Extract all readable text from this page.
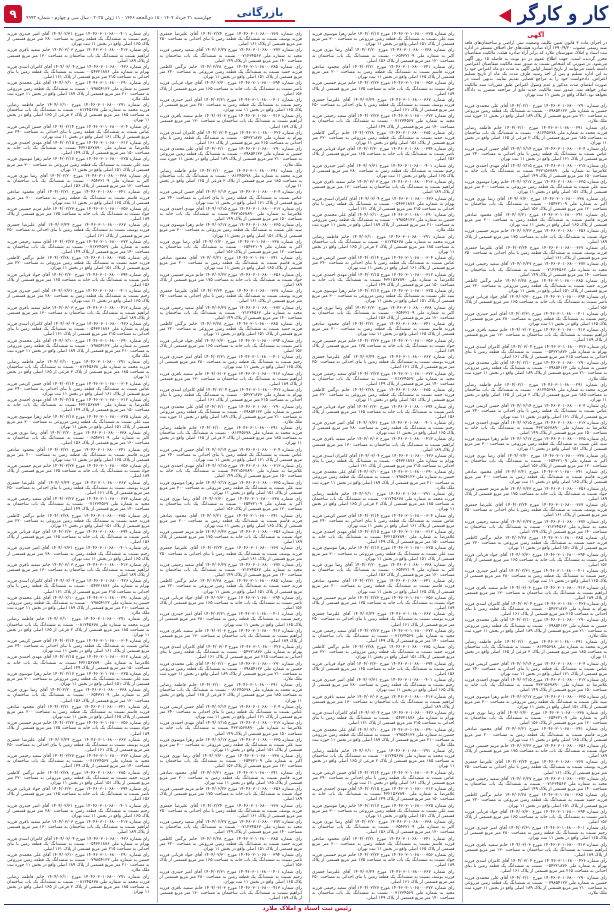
کار و کارگر
بازرگانی
۹	چهارشنبه ۲۱ خرداد ۱۴۰۴ - ۱۵ ذی‌الحجه ۱۴۴۶ - ۱۱ ژوئن ۲۰۲۵ - سال سی و چهارم - شماره ۹۹۹۳
آگهی
در اجرای ماده ۳ قانون تعیین تکلیف وضعیت ثبتی اراضی و ساختمان‌های فاقد سند رسمی مصوب ۱۳۹۰/۹/۲۰ آراء صادره هیئت‌های حل اختلاف مستقر در اداره ثبت اسناد و املاک شهرستان ملارد که برابر آراء صادره هیئت، مالکیت متقاضیان محرز گردیده است، جهت اطلاع عموم در دو نوبت به فاصله ۱۵ روز آگهی می‌شود. در صورتی که اشخاص نسبت به صدور سند مالکیت متقاضیان اعتراضی داشته باشند می‌توانند از تاریخ انتشار اولین آگهی به مدت دو ماه اعتراض خود را به این اداره تسلیم و پس از اخذ رسید ظرف مدت یک ماه از تاریخ تسلیم اعتراض، دادخواست خود را به مراجع قضایی تقدیم نمایند. بدیهی است در صورت انقضای مدت مذکور و عدم وصول اعتراض طبق مقررات سند مالکیت صادر خواهد شد. صدور سند مالکیت جدید مانع از مراجعه متضرر به دادگاه نخواهد بود. املاک واقع در بخش ۱۱ ثبت تهران

رای شماره ۱۴۰۴۶۰۳۰۱۰۶۸۰۰۰۲۹۰ مورخ ۱۴۰۴/۰۲/۱۰ آقای علی محمدی فرزند حسین به شماره ملی ۰۰۷۹۸۵۴۱۲۳ نسبت به ششدانگ یک قطعه زمین مزروعی به مساحت ۲۱۰ متر مربع قسمتی از پلاک ۱۸۹ اصلی واقع در بخش ۱۱ حوزه ثبت ملک ملارد.

رای شماره ۱۴۰۴۶۰۳۰۱۰۶۸۰۰۰۲۹۱ مورخ ۱۴۰۴/۰۲/۱۰ خانم فاطمه رضایی فرزند محمد به شماره ملی ۰۰۸۱۲۴۵۶۷۸ نسبت به ششدانگ یک باب ساختمان به مساحت ۱۸۵ متر مربع قسمتی از پلاک ۲ فرعی از ۱۶۵ اصلی واقع در بخش ۱۱ تهران.

رای شماره ۱۴۰۴۶۰۳۰۱۰۶۸۰۰۰۳۰۴ مورخ ۱۴۰۴/۰۲/۱۴ آقای حسن کریمی فرزند عباس نسبت به ششدانگ یک قطعه زمین با بنای احداثی به مساحت ۲۴۰ متر مربع قسمتی از پلاک ۱۶۱ اصلی واقع در بخش ۱۱ ثبت تهران.

رای شماره ۱۴۰۴۶۰۳۰۱۰۶۸۰۰۰۳۱۲ مورخ ۱۴۰۴/۰۲/۱۵ آقای مهدی احمدی فرزند غلامرضا به شماره ملی ۴۳۲۱۵۶۷۸۹۰ نسبت به ششدانگ یک باب خانه به مساحت ۱۵۰ متر مربع قسمتی از پلاک ۱۴۹ اصلی.

رای شماره ۱۴۰۴۶۰۳۰۱۰۶۸۰۰۰۳۲۵ مورخ ۱۴۰۴/۰۲/۱۷ خانم زهرا موسوی فرزند سید علی نسبت به ششدانگ یک قطعه زمین مزروعی به مساحت ۳۰۰ متر مربع قسمتی از پلاک ۱۵۱ اصلی واقع در بخش ۱۱ تهران.

رای شماره ۱۴۰۴۶۰۳۰۱۰۶۸۰۰۰۳۳۸ مورخ ۱۴۰۴/۰۲/۲۰ آقای رضا نوری فرزند اکبر به شماره ملی ۰۰۶۵۴۳۲۱۰۹ نسبت به ششدانگ یک باب ساختمان به مساحت ۱۲۰ متر مربع قسمتی از پلاک ۱۵۶ اصلی.

رای شماره ۱۴۰۴۶۰۳۰۱۰۶۸۰۰۰۳۴۱ مورخ ۱۴۰۴/۰۲/۲۱ آقای محمود صادقی فرزند قاسم نسبت به ششدانگ یک قطعه زمین به مساحت ۲۰۰ متر مربع قسمتی از پلاک ۱۶۵ اصلی واقع در بخش ۱۱ ثبت تهران.

رای شماره ۱۴۰۴۶۰۳۰۱۰۶۸۰۰۰۳۵۶ مورخ ۱۴۰۴/۰۲/۲۳ خانم مریم حسینی فرزند جواد نسبت به ششدانگ یک باب خانه به مساحت ۱۷۵ متر مربع قسمتی از پلاک ۱۸۹ اصلی.

رای شماره ۱۴۰۴۶۰۳۰۱۰۶۸۰۰۰۳۶۷ مورخ ۱۴۰۴/۰۲/۲۴ آقای علیرضا جعفری فرزند یوسف نسبت به ششدانگ یک قطعه زمین با بنای احداثی به مساحت ۲۵۰ متر مربع قسمتی از پلاک ۱۶۱ اصلی.

رای شماره ۱۴۰۴۶۰۳۰۱۰۶۸۰۰۰۳۷۲ مورخ ۱۴۰۴/۰۲/۲۷ آقای سعید رحیمی فرزند مجید به شماره ملی ۰۰۷۱۲۳۴۵۶۷ نسبت به ششدانگ یک باب ساختمان به مساحت ۱۴۰ متر مربع قسمتی از پلاک ۱۴۹ اصلی.

رای شماره ۱۴۰۴۶۰۳۰۱۰۶۸۰۰۰۳۸۵ مورخ ۱۴۰۴/۰۲/۲۸ خانم نرگس کاظمی فرزند حمید نسبت به ششدانگ یک قطعه زمین مزروعی به مساحت ۲۲۰ متر مربع قسمتی از پلاک ۱۵۱ اصلی واقع در بخش ۱۱ تهران.

رای شماره ۱۴۰۴۶۰۳۰۱۰۶۸۰۰۰۳۹۴ مورخ ۱۴۰۴/۰۲/۳۰ آقای جواد قربانی فرزند ناصر نسبت به ششدانگ یک باب خانه به مساحت ۱۶۵ متر مربع قسمتی از پلاک ۱۵۶ اصلی.

رای شماره ۱۴۰۴۶۰۳۰۱۰۶۸۰۰۰۴۰۱ مورخ ۱۴۰۴/۰۲/۳۱ آقای امیر حیدری فرزند رحیم نسبت به ششدانگ یک قطعه زمین به مساحت ۲۸۰ متر مربع قسمتی از پلاک ۱۶۵ اصلی واقع در بخش ۱۱ ثبت تهران.

رای شماره ۱۴۰۴۶۰۳۰۱۰۶۸۰۰۰۴۱۳ مورخ ۱۴۰۴/۰۳/۰۳ خانم سمیه باقری فرزند ابراهیم نسبت به ششدانگ یک باب ساختمان به مساحت ۱۳۰ متر مربع قسمتی از پلاک ۱۸۹ اصلی.

رای شماره ۱۴۰۴۶۰۳۰۱۰۶۸۰۰۰۴۲۶ مورخ ۱۴۰۴/۰۳/۰۴ آقای کامران اسدی فرزند بهرام به شماره ملی ۰۰۵۴۳۲۱۸۷۶ نسبت به ششدانگ یک قطعه زمین با بنای احداثی به مساحت ۲۱۵ متر مربع قسمتی از پلاک ۱۶۱ اصلی.

رای شماره ۱۴۰۴۶۰۳۰۱۰۶۸۰۰۰۲۹۰ مورخ ۱۴۰۴/۰۲/۱۰ آقای علی محمدی فرزند حسین به شماره ملی ۰۰۷۹۸۵۴۱۲۳ نسبت به ششدانگ یک قطعه زمین مزروعی به مساحت ۲۱۰ متر مربع قسمتی از پلاک ۱۸۹ اصلی واقع در بخش ۱۱ حوزه ثبت ملک ملارد.

رای شماره ۱۴۰۴۶۰۳۰۱۰۶۸۰۰۰۲۹۱ مورخ ۱۴۰۴/۰۲/۱۰ خانم فاطمه رضایی فرزند محمد به شماره ملی ۰۰۸۱۲۴۵۶۷۸ نسبت به ششدانگ یک باب ساختمان به مساحت ۱۸۵ متر مربع قسمتی از پلاک ۲ فرعی از ۱۶۵ اصلی واقع در بخش ۱۱ تهران.

رای شماره ۱۴۰۴۶۰۳۰۱۰۶۸۰۰۰۳۰۴ مورخ ۱۴۰۴/۰۲/۱۴ آقای حسن کریمی فرزند عباس نسبت به ششدانگ یک قطعه زمین با بنای احداثی به مساحت ۲۴۰ متر مربع قسمتی از پلاک ۱۶۱ اصلی واقع در بخش ۱۱ ثبت تهران.

رای شماره ۱۴۰۴۶۰۳۰۱۰۶۸۰۰۰۳۱۲ مورخ ۱۴۰۴/۰۲/۱۵ آقای مهدی احمدی فرزند غلامرضا به شماره ملی ۴۳۲۱۵۶۷۸۹۰ نسبت به ششدانگ یک باب خانه به مساحت ۱۵۰ متر مربع قسمتی از پلاک ۱۴۹ اصلی.

رای شماره ۱۴۰۴۶۰۳۰۱۰۶۸۰۰۰۳۲۵ مورخ ۱۴۰۴/۰۲/۱۷ خانم زهرا موسوی فرزند سید علی نسبت به ششدانگ یک قطعه زمین مزروعی به مساحت ۳۰۰ متر مربع قسمتی از پلاک ۱۵۱ اصلی واقع در بخش ۱۱ تهران.

رای شماره ۱۴۰۴۶۰۳۰۱۰۶۸۰۰۰۳۳۸ مورخ ۱۴۰۴/۰۲/۲۰ آقای رضا نوری فرزند اکبر به شماره ملی ۰۰۶۵۴۳۲۱۰۹ نسبت به ششدانگ یک باب ساختمان به مساحت ۱۲۰ متر مربع قسمتی از پلاک ۱۵۶ اصلی.

رای شماره ۱۴۰۴۶۰۳۰۱۰۶۸۰۰۰۳۴۱ مورخ ۱۴۰۴/۰۲/۲۱ آقای محمود صادقی فرزند قاسم نسبت به ششدانگ یک قطعه زمین به مساحت ۲۰۰ متر مربع قسمتی از پلاک ۱۶۵ اصلی واقع در بخش ۱۱ ثبت تهران.

رای شماره ۱۴۰۴۶۰۳۰۱۰۶۸۰۰۰۳۵۶ مورخ ۱۴۰۴/۰۲/۲۳ خانم مریم حسینی فرزند جواد نسبت به ششدانگ یک باب خانه به مساحت ۱۷۵ متر مربع قسمتی از پلاک ۱۸۹ اصلی.

رای شماره ۱۴۰۴۶۰۳۰۱۰۶۸۰۰۰۳۶۷ مورخ ۱۴۰۴/۰۲/۲۴ آقای علیرضا جعفری فرزند یوسف نسبت به ششدانگ یک قطعه زمین با بنای احداثی به مساحت ۲۵۰ متر مربع قسمتی از پلاک ۱۶۱ اصلی.

رای شماره ۱۴۰۴۶۰۳۰۱۰۶۸۰۰۰۳۷۲ مورخ ۱۴۰۴/۰۲/۲۷ آقای سعید رحیمی فرزند مجید به شماره ملی ۰۰۷۱۲۳۴۵۶۷ نسبت به ششدانگ یک باب ساختمان به مساحت ۱۴۰ متر مربع قسمتی از پلاک ۱۴۹ اصلی.

رای شماره ۱۴۰۴۶۰۳۰۱۰۶۸۰۰۰۳۸۵ مورخ ۱۴۰۴/۰۲/۲۸ خانم نرگس کاظمی فرزند حمید نسبت به ششدانگ یک قطعه زمین مزروعی به مساحت ۲۲۰ متر مربع قسمتی از پلاک ۱۵۱ اصلی واقع در بخش ۱۱ تهران.

رای شماره ۱۴۰۴۶۰۳۰۱۰۶۸۰۰۰۳۹۴ مورخ ۱۴۰۴/۰۲/۳۰ آقای جواد قربانی فرزند ناصر نسبت به ششدانگ یک باب خانه به مساحت ۱۶۵ متر مربع قسمتی از پلاک ۱۵۶ اصلی.

رای شماره ۱۴۰۴۶۰۳۰۱۰۶۸۰۰۰۴۰۱ مورخ ۱۴۰۴/۰۲/۳۱ آقای امیر حیدری فرزند رحیم نسبت به ششدانگ یک قطعه زمین به مساحت ۲۸۰ متر مربع قسمتی از پلاک ۱۶۵ اصلی واقع در بخش ۱۱ ثبت تهران.

رای شماره ۱۴۰۴۶۰۳۰۱۰۶۸۰۰۰۴۱۳ مورخ ۱۴۰۴/۰۳/۰۳ خانم سمیه باقری فرزند ابراهیم نسبت به ششدانگ یک باب ساختمان به مساحت ۱۳۰ متر مربع قسمتی از پلاک ۱۸۹ اصلی.

رای شماره ۱۴۰۴۶۰۳۰۱۰۶۸۰۰۰۴۲۶ مورخ ۱۴۰۴/۰۳/۰۴ آقای کامران اسدی فرزند بهرام به شماره ملی ۰۰۵۴۳۲۱۸۷۶ نسبت به ششدانگ یک قطعه زمین با بنای احداثی به مساحت ۲۱۵ متر مربع قسمتی از پلاک ۱۶۱ اصلی.

رای شماره ۱۴۰۴۶۰۳۰۱۰۶۸۰۰۰۲۹۰ مورخ ۱۴۰۴/۰۲/۱۰ آقای علی محمدی فرزند حسین به شماره ملی ۰۰۷۹۸۵۴۱۲۳ نسبت به ششدانگ یک قطعه زمین مزروعی به مساحت ۲۱۰ متر مربع قسمتی از پلاک ۱۸۹ اصلی واقع در بخش ۱۱ حوزه ثبت ملک ملارد.

رای شماره ۱۴۰۴۶۰۳۰۱۰۶۸۰۰۰۲۹۱ مورخ ۱۴۰۴/۰۲/۱۰ خانم فاطمه رضایی فرزند محمد به شماره ملی ۰۰۸۱۲۴۵۶۷۸ نسبت به ششدانگ یک باب ساختمان به مساحت ۱۸۵ متر مربع قسمتی از پلاک ۲ فرعی از ۱۶۵ اصلی واقع در بخش ۱۱ تهران.

رای شماره ۱۴۰۴۶۰۳۰۱۰۶۸۰۰۰۳۰۴ مورخ ۱۴۰۴/۰۲/۱۴ آقای حسن کریمی فرزند عباس نسبت به ششدانگ یک قطعه زمین با بنای احداثی به مساحت ۲۴۰ متر مربع قسمتی از پلاک ۱۶۱ اصلی واقع در بخش ۱۱ ثبت تهران.

رای شماره ۱۴۰۴۶۰۳۰۱۰۶۸۰۰۰۳۱۲ مورخ ۱۴۰۴/۰۲/۱۵ آقای مهدی احمدی فرزند غلامرضا به شماره ملی ۴۳۲۱۵۶۷۸۹۰ نسبت به ششدانگ یک باب خانه به مساحت ۱۵۰ متر مربع قسمتی از پلاک ۱۴۹ اصلی.

رای شماره ۱۴۰۴۶۰۳۰۱۰۶۸۰۰۰۳۲۵ مورخ ۱۴۰۴/۰۲/۱۷ خانم زهرا موسوی فرزند سید علی نسبت به ششدانگ یک قطعه زمین مزروعی به مساحت ۳۰۰ متر مربع قسمتی از پلاک ۱۵۱ اصلی واقع در بخش ۱۱ تهران.

رای شماره ۱۴۰۴۶۰۳۰۱۰۶۸۰۰۰۳۳۸ مورخ ۱۴۰۴/۰۲/۲۰ آقای رضا نوری فرزند اکبر به شماره ملی ۰۰۶۵۴۳۲۱۰۹ نسبت به ششدانگ یک باب ساختمان به مساحت ۱۲۰ متر مربع قسمتی از پلاک ۱۵۶ اصلی.

رای شماره ۱۴۰۴۶۰۳۰۱۰۶۸۰۰۰۳۴۱ مورخ ۱۴۰۴/۰۲/۲۱ آقای محمود صادقی فرزند قاسم نسبت به ششدانگ یک قطعه زمین به مساحت ۲۰۰ متر مربع قسمتی از پلاک ۱۶۵ اصلی واقع در بخش ۱۱ ثبت تهران.

رای شماره ۱۴۰۴۶۰۳۰۱۰۶۸۰۰۰۳۵۶ مورخ ۱۴۰۴/۰۲/۲۳ خانم مریم حسینی فرزند جواد نسبت به ششدانگ یک باب خانه به مساحت ۱۷۵ متر مربع قسمتی از پلاک ۱۸۹ اصلی.

رای شماره ۱۴۰۴۶۰۳۰۱۰۶۸۰۰۰۳۶۷ مورخ ۱۴۰۴/۰۲/۲۴ آقای علیرضا جعفری فرزند یوسف نسبت به ششدانگ یک قطعه زمین با بنای احداثی به مساحت ۲۵۰ متر مربع قسمتی از پلاک ۱۶۱ اصلی.

رای شماره ۱۴۰۴۶۰۳۰۱۰۶۸۰۰۰۳۷۲ مورخ ۱۴۰۴/۰۲/۲۷ آقای سعید رحیمی فرزند مجید به شماره ملی ۰۰۷۱۲۳۴۵۶۷ نسبت به ششدانگ یک باب ساختمان به مساحت ۱۴۰ متر مربع قسمتی از پلاک ۱۴۹ اصلی.

رای شماره ۱۴۰۴۶۰۳۰۱۰۶۸۰۰۰۳۸۵ مورخ ۱۴۰۴/۰۲/۲۸ خانم نرگس کاظمی فرزند حمید نسبت به ششدانگ یک قطعه زمین مزروعی به مساحت ۲۲۰ متر مربع قسمتی از پلاک ۱۵۱ اصلی واقع در بخش ۱۱ تهران.

رای شماره ۱۴۰۴۶۰۳۰۱۰۶۸۰۰۰۳۹۴ مورخ ۱۴۰۴/۰۲/۳۰ آقای جواد قربانی فرزند ناصر نسبت به ششدانگ یک باب خانه به مساحت ۱۶۵ متر مربع قسمتی از پلاک ۱۵۶ اصلی.

رای شماره ۱۴۰۴۶۰۳۰۱۰۶۸۰۰۰۴۰۱ مورخ ۱۴۰۴/۰۲/۳۱ آقای امیر حیدری فرزند رحیم نسبت به ششدانگ یک قطعه زمین به مساحت ۲۸۰ متر مربع قسمتی از پلاک ۱۶۵ اصلی واقع در بخش ۱۱ ثبت تهران.

رای شماره ۱۴۰۴۶۰۳۰۱۰۶۸۰۰۰۴۱۳ مورخ ۱۴۰۴/۰۳/۰۳ خانم سمیه باقری فرزند ابراهیم نسبت به ششدانگ یک باب ساختمان به مساحت ۱۳۰ متر مربع قسمتی از پلاک ۱۸۹ اصلی.

رای شماره ۱۴۰۴۶۰۳۰۱۰۶۸۰۰۰۴۲۶ مورخ ۱۴۰۴/۰۳/۰۴ آقای کامران اسدی فرزند بهرام به شماره ملی ۰۰۵۴۳۲۱۸۷۶ نسبت به ششدانگ یک قطعه زمین با بنای احداثی به مساحت ۲۱۵ متر مربع قسمتی از پلاک ۱۶۱ اصلی.

رای شماره ۱۴۰۴۶۰۳۰۱۰۶۸۰۰۰۲۹۰ مورخ ۱۴۰۴/۰۲/۱۰ آقای علی محمدی فرزند حسین به شماره ملی ۰۰۷۹۸۵۴۱۲۳ نسبت به ششدانگ یک قطعه زمین مزروعی به مساحت ۲۱۰ متر مربع قسمتی از پلاک ۱۸۹ اصلی واقع در بخش ۱۱ حوزه ثبت ملک ملارد.

رای شماره ۱۴۰۴۶۰۳۰۱۰۶۸۰۰۰۳۲۵ مورخ ۱۴۰۴/۰۲/۱۷ خانم زهرا موسوی فرزند سید علی نسبت به ششدانگ یک قطعه زمین مزروعی به مساحت ۳۰۰ متر مربع قسمتی از پلاک ۱۵۱ اصلی واقع در بخش ۱۱ تهران.

رای شماره ۱۴۰۴۶۰۳۰۱۰۶۸۰۰۰۳۳۸ مورخ ۱۴۰۴/۰۲/۲۰ آقای رضا نوری فرزند اکبر به شماره ملی ۰۰۶۵۴۳۲۱۰۹ نسبت به ششدانگ یک باب ساختمان به مساحت ۱۲۰ متر مربع قسمتی از پلاک ۱۵۶ اصلی.

رای شماره ۱۴۰۴۶۰۳۰۱۰۶۸۰۰۰۳۴۱ مورخ ۱۴۰۴/۰۲/۲۱ آقای محمود صادقی فرزند قاسم نسبت به ششدانگ یک قطعه زمین به مساحت ۲۰۰ متر مربع قسمتی از پلاک ۱۶۵ اصلی واقع در بخش ۱۱ ثبت تهران.

رای شماره ۱۴۰۴۶۰۳۰۱۰۶۸۰۰۰۳۵۶ مورخ ۱۴۰۴/۰۲/۲۳ خانم مریم حسینی فرزند جواد نسبت به ششدانگ یک باب خانه به مساحت ۱۷۵ متر مربع قسمتی از پلاک ۱۸۹ اصلی.

رای شماره ۱۴۰۴۶۰۳۰۱۰۶۸۰۰۰۳۶۷ مورخ ۱۴۰۴/۰۲/۲۴ آقای علیرضا جعفری فرزند یوسف نسبت به ششدانگ یک قطعه زمین با بنای احداثی به مساحت ۲۵۰ متر مربع قسمتی از پلاک ۱۶۱ اصلی.

رای شماره ۱۴۰۴۶۰۳۰۱۰۶۸۰۰۰۳۷۲ مورخ ۱۴۰۴/۰۲/۲۷ آقای سعید رحیمی فرزند مجید به شماره ملی ۰۰۷۱۲۳۴۵۶۷ نسبت به ششدانگ یک باب ساختمان به مساحت ۱۴۰ متر مربع قسمتی از پلاک ۱۴۹ اصلی.

رای شماره ۱۴۰۴۶۰۳۰۱۰۶۸۰۰۰۳۸۵ مورخ ۱۴۰۴/۰۲/۲۸ خانم نرگس کاظمی فرزند حمید نسبت به ششدانگ یک قطعه زمین مزروعی به مساحت ۲۲۰ متر مربع قسمتی از پلاک ۱۵۱ اصلی واقع در بخش ۱۱ تهران.

رای شماره ۱۴۰۴۶۰۳۰۱۰۶۸۰۰۰۳۹۴ مورخ ۱۴۰۴/۰۲/۳۰ آقای جواد قربانی فرزند ناصر نسبت به ششدانگ یک باب خانه به مساحت ۱۶۵ متر مربع قسمتی از پلاک ۱۵۶ اصلی.

رای شماره ۱۴۰۴۶۰۳۰۱۰۶۸۰۰۰۴۰۱ مورخ ۱۴۰۴/۰۲/۳۱ آقای امیر حیدری فرزند رحیم نسبت به ششدانگ یک قطعه زمین به مساحت ۲۸۰ متر مربع قسمتی از پلاک ۱۶۵ اصلی واقع در بخش ۱۱ ثبت تهران.

رای شماره ۱۴۰۴۶۰۳۰۱۰۶۸۰۰۰۴۱۳ مورخ ۱۴۰۴/۰۳/۰۳ خانم سمیه باقری فرزند ابراهیم نسبت به ششدانگ یک باب ساختمان به مساحت ۱۳۰ متر مربع قسمتی از پلاک ۱۸۹ اصلی.

رای شماره ۱۴۰۴۶۰۳۰۱۰۶۸۰۰۰۴۲۶ مورخ ۱۴۰۴/۰۳/۰۴ آقای کامران اسدی فرزند بهرام به شماره ملی ۰۰۵۴۳۲۱۸۷۶ نسبت به ششدانگ یک قطعه زمین با بنای احداثی به مساحت ۲۱۵ متر مربع قسمتی از پلاک ۱۶۱ اصلی.

رای شماره ۱۴۰۴۶۰۳۰۱۰۶۸۰۰۰۲۹۰ مورخ ۱۴۰۴/۰۲/۱۰ آقای علی محمدی فرزند حسین به شماره ملی ۰۰۷۹۸۵۴۱۲۳ نسبت به ششدانگ یک قطعه زمین مزروعی به مساحت ۲۱۰ متر مربع قسمتی از پلاک ۱۸۹ اصلی واقع در بخش ۱۱ حوزه ثبت ملک ملارد.

رای شماره ۱۴۰۴۶۰۳۰۱۰۶۸۰۰۰۲۹۱ مورخ ۱۴۰۴/۰۲/۱۰ خانم فاطمه رضایی فرزند محمد به شماره ملی ۰۰۸۱۲۴۵۶۷۸ نسبت به ششدانگ یک باب ساختمان به مساحت ۱۸۵ متر مربع قسمتی از پلاک ۲ فرعی از ۱۶۵ اصلی واقع در بخش ۱۱ تهران.

رای شماره ۱۴۰۴۶۰۳۰۱۰۶۸۰۰۰۳۰۴ مورخ ۱۴۰۴/۰۲/۱۴ آقای حسن کریمی فرزند عباس نسبت به ششدانگ یک قطعه زمین با بنای احداثی به مساحت ۲۴۰ متر مربع قسمتی از پلاک ۱۶۱ اصلی واقع در بخش ۱۱ ثبت تهران.

رای شماره ۱۴۰۴۶۰۳۰۱۰۶۸۰۰۰۳۱۲ مورخ ۱۴۰۴/۰۲/۱۵ آقای مهدی احمدی فرزند غلامرضا به شماره ملی ۴۳۲۱۵۶۷۸۹۰ نسبت به ششدانگ یک باب خانه به مساحت ۱۵۰ متر مربع قسمتی از پلاک ۱۴۹ اصلی.

رای شماره ۱۴۰۴۶۰۳۰۱۰۶۸۰۰۰۳۲۵ مورخ ۱۴۰۴/۰۲/۱۷ خانم زهرا موسوی فرزند سید علی نسبت به ششدانگ یک قطعه زمین مزروعی به مساحت ۳۰۰ متر مربع قسمتی از پلاک ۱۵۱ اصلی واقع در بخش ۱۱ تهران.

رای شماره ۱۴۰۴۶۰۳۰۱۰۶۸۰۰۰۳۳۸ مورخ ۱۴۰۴/۰۲/۲۰ آقای رضا نوری فرزند اکبر به شماره ملی ۰۰۶۵۴۳۲۱۰۹ نسبت به ششدانگ یک باب ساختمان به مساحت ۱۲۰ متر مربع قسمتی از پلاک ۱۵۶ اصلی.

رای شماره ۱۴۰۴۶۰۳۰۱۰۶۸۰۰۰۳۴۱ مورخ ۱۴۰۴/۰۲/۲۱ آقای محمود صادقی فرزند قاسم نسبت به ششدانگ یک قطعه زمین به مساحت ۲۰۰ متر مربع قسمتی از پلاک ۱۶۵ اصلی واقع در بخش ۱۱ ثبت تهران.

رای شماره ۱۴۰۴۶۰۳۰۱۰۶۸۰۰۰۳۵۶ مورخ ۱۴۰۴/۰۲/۲۳ خانم مریم حسینی فرزند جواد نسبت به ششدانگ یک باب خانه به مساحت ۱۷۵ متر مربع قسمتی از پلاک ۱۸۹ اصلی.

رای شماره ۱۴۰۴۶۰۳۰۱۰۶۸۰۰۰۳۶۷ مورخ ۱۴۰۴/۰۲/۲۴ آقای علیرضا جعفری فرزند یوسف نسبت به ششدانگ یک قطعه زمین با بنای احداثی به مساحت ۲۵۰ متر مربع قسمتی از پلاک ۱۶۱ اصلی.

رای شماره ۱۴۰۴۶۰۳۰۱۰۶۸۰۰۰۳۷۲ مورخ ۱۴۰۴/۰۲/۲۷ آقای سعید رحیمی فرزند مجید به شماره ملی ۰۰۷۱۲۳۴۵۶۷ نسبت به ششدانگ یک باب ساختمان به مساحت ۱۴۰ متر مربع قسمتی از پلاک ۱۴۹ اصلی.

رای شماره ۱۴۰۴۶۰۳۰۱۰۶۸۰۰۰۳۸۵ مورخ ۱۴۰۴/۰۲/۲۸ خانم نرگس کاظمی فرزند حمید نسبت به ششدانگ یک قطعه زمین مزروعی به مساحت ۲۲۰ متر مربع قسمتی از پلاک ۱۵۱ اصلی واقع در بخش ۱۱ تهران.

رای شماره ۱۴۰۴۶۰۳۰۱۰۶۸۰۰۰۳۹۴ مورخ ۱۴۰۴/۰۲/۳۰ آقای جواد قربانی فرزند ناصر نسبت به ششدانگ یک باب خانه به مساحت ۱۶۵ متر مربع قسمتی از پلاک ۱۵۶ اصلی.

رای شماره ۱۴۰۴۶۰۳۰۱۰۶۸۰۰۰۴۰۱ مورخ ۱۴۰۴/۰۲/۳۱ آقای امیر حیدری فرزند رحیم نسبت به ششدانگ یک قطعه زمین به مساحت ۲۸۰ متر مربع قسمتی از پلاک ۱۶۵ اصلی واقع در بخش ۱۱ ثبت تهران.

رای شماره ۱۴۰۴۶۰۳۰۱۰۶۸۰۰۰۴۱۳ مورخ ۱۴۰۴/۰۳/۰۳ خانم سمیه باقری فرزند ابراهیم نسبت به ششدانگ یک باب ساختمان به مساحت ۱۳۰ متر مربع قسمتی از پلاک ۱۸۹ اصلی.

رای شماره ۱۴۰۴۶۰۳۰۱۰۶۸۰۰۰۴۲۶ مورخ ۱۴۰۴/۰۳/۰۴ آقای کامران اسدی فرزند بهرام به شماره ملی ۰۰۵۴۳۲۱۸۷۶ نسبت به ششدانگ یک قطعه زمین با بنای احداثی به مساحت ۲۱۵ متر مربع قسمتی از پلاک ۱۶۱ اصلی.

رای شماره ۱۴۰۴۶۰۳۰۱۰۶۸۰۰۰۲۹۰ مورخ ۱۴۰۴/۰۲/۱۰ آقای علی محمدی فرزند حسین به شماره ملی ۰۰۷۹۸۵۴۱۲۳ نسبت به ششدانگ یک قطعه زمین مزروعی به مساحت ۲۱۰ متر مربع قسمتی از پلاک ۱۸۹ اصلی واقع در بخش ۱۱ حوزه ثبت ملک ملارد.

رای شماره ۱۴۰۴۶۰۳۰۱۰۶۸۰۰۰۲۹۱ مورخ ۱۴۰۴/۰۲/۱۰ خانم فاطمه رضایی فرزند محمد به شماره ملی ۰۰۸۱۲۴۵۶۷۸ نسبت به ششدانگ یک باب ساختمان به مساحت ۱۸۵ متر مربع قسمتی از پلاک ۲ فرعی از ۱۶۵ اصلی واقع در بخش ۱۱ تهران.

رای شماره ۱۴۰۴۶۰۳۰۱۰۶۸۰۰۰۳۰۴ مورخ ۱۴۰۴/۰۲/۱۴ آقای حسن کریمی فرزند عباس نسبت به ششدانگ یک قطعه زمین با بنای احداثی به مساحت ۲۴۰ متر مربع قسمتی از پلاک ۱۶۱ اصلی واقع در بخش ۱۱ ثبت تهران.

رای شماره ۱۴۰۴۶۰۳۰۱۰۶۸۰۰۰۳۱۲ مورخ ۱۴۰۴/۰۲/۱۵ آقای مهدی احمدی فرزند غلامرضا به شماره ملی ۴۳۲۱۵۶۷۸۹۰ نسبت به ششدانگ یک باب خانه به مساحت ۱۵۰ متر مربع قسمتی از پلاک ۱۴۹ اصلی.

رای شماره ۱۴۰۴۶۰۳۰۱۰۶۸۰۰۰۳۲۵ مورخ ۱۴۰۴/۰۲/۱۷ خانم زهرا موسوی فرزند سید علی نسبت به ششدانگ یک قطعه زمین مزروعی به مساحت ۳۰۰ متر مربع قسمتی از پلاک ۱۵۱ اصلی واقع در بخش ۱۱ تهران.

رای شماره ۱۴۰۴۶۰۳۰۱۰۶۸۰۰۰۳۳۸ مورخ ۱۴۰۴/۰۲/۲۰ آقای رضا نوری فرزند اکبر به شماره ملی ۰۰۶۵۴۳۲۱۰۹ نسبت به ششدانگ یک باب ساختمان به مساحت ۱۲۰ متر مربع قسمتی از پلاک ۱۵۶ اصلی.

رای شماره ۱۴۰۴۶۰۳۰۱۰۶۸۰۰۰۳۴۱ مورخ ۱۴۰۴/۰۲/۲۱ آقای محمود صادقی فرزند قاسم نسبت به ششدانگ یک قطعه زمین به مساحت ۲۰۰ متر مربع قسمتی از پلاک ۱۶۵ اصلی واقع در بخش ۱۱ ثبت تهران.

رای شماره ۱۴۰۴۶۰۳۰۱۰۶۸۰۰۰۳۵۶ مورخ ۱۴۰۴/۰۲/۲۳ خانم مریم حسینی فرزند جواد نسبت به ششدانگ یک باب خانه به مساحت ۱۷۵ متر مربع قسمتی از پلاک ۱۸۹ اصلی.

رای شماره ۱۴۰۴۶۰۳۰۱۰۶۸۰۰۰۳۶۷ مورخ ۱۴۰۴/۰۲/۲۴ آقای علیرضا جعفری فرزند یوسف نسبت به ششدانگ یک قطعه زمین با بنای احداثی به مساحت ۲۵۰ متر مربع قسمتی از پلاک ۱۶۱ اصلی.

رای شماره ۱۴۰۴۶۰۳۰۱۰۶۸۰۰۰۳۷۲ مورخ ۱۴۰۴/۰۲/۲۷ آقای سعید رحیمی فرزند مجید به شماره ملی ۰۰۷۱۲۳۴۵۶۷ نسبت به ششدانگ یک باب ساختمان به مساحت ۱۴۰ متر مربع قسمتی از پلاک ۱۴۹ اصلی.

رای شماره ۱۴۰۴۶۰۳۰۱۰۶۸۰۰۰۳۸۵ مورخ ۱۴۰۴/۰۲/۲۸ خانم نرگس کاظمی فرزند حمید نسبت به ششدانگ یک قطعه زمین مزروعی به مساحت ۲۲۰ متر مربع قسمتی از پلاک ۱۵۱ اصلی واقع در بخش ۱۱ تهران.

رای شماره ۱۴۰۴۶۰۳۰۱۰۶۸۰۰۰۳۹۴ مورخ ۱۴۰۴/۰۲/۳۰ آقای جواد قربانی فرزند ناصر نسبت به ششدانگ یک باب خانه به مساحت ۱۶۵ متر مربع قسمتی از پلاک ۱۵۶ اصلی.

رای شماره ۱۴۰۴۶۰۳۰۱۰۶۸۰۰۰۴۰۱ مورخ ۱۴۰۴/۰۲/۳۱ آقای امیر حیدری فرزند رحیم نسبت به ششدانگ یک قطعه زمین به مساحت ۲۸۰ متر مربع قسمتی از پلاک ۱۶۵ اصلی واقع در بخش ۱۱ ثبت تهران.

رای شماره ۱۴۰۴۶۰۳۰۱۰۶۸۰۰۰۴۱۳ مورخ ۱۴۰۴/۰۳/۰۳ خانم سمیه باقری فرزند ابراهیم نسبت به ششدانگ یک باب ساختمان به مساحت ۱۳۰ متر مربع قسمتی از پلاک ۱۸۹ اصلی.

رای شماره ۱۴۰۴۶۰۳۰۱۰۶۸۰۰۰۴۲۶ مورخ ۱۴۰۴/۰۳/۰۴ آقای کامران اسدی فرزند بهرام به شماره ملی ۰۰۵۴۳۲۱۸۷۶ نسبت به ششدانگ یک قطعه زمین با بنای احداثی به مساحت ۲۱۵ متر مربع قسمتی از پلاک ۱۶۱ اصلی.

رای شماره ۱۴۰۴۶۰۳۰۱۰۶۸۰۰۰۲۹۰ مورخ ۱۴۰۴/۰۲/۱۰ آقای علی محمدی فرزند حسین به شماره ملی ۰۰۷۹۸۵۴۱۲۳ نسبت به ششدانگ یک قطعه زمین مزروعی به مساحت ۲۱۰ متر مربع قسمتی از پلاک ۱۸۹ اصلی واقع در بخش ۱۱ حوزه ثبت ملک ملارد.

رای شماره ۱۴۰۴۶۰۳۰۱۰۶۸۰۰۰۲۹۱ مورخ ۱۴۰۴/۰۲/۱۰ خانم فاطمه رضایی فرزند محمد به شماره ملی ۰۰۸۱۲۴۵۶۷۸ نسبت به ششدانگ یک باب ساختمان به مساحت ۱۸۵ متر مربع قسمتی از پلاک ۲ فرعی از ۱۶۵ اصلی واقع در بخش ۱۱ تهران.

رای شماره ۱۴۰۴۶۰۳۰۱۰۶۸۰۰۰۳۰۴ مورخ ۱۴۰۴/۰۲/۱۴ آقای حسن کریمی فرزند عباس نسبت به ششدانگ یک قطعه زمین با بنای احداثی به مساحت ۲۴۰ متر مربع قسمتی از پلاک ۱۶۱ اصلی واقع در بخش ۱۱ ثبت تهران.

رای شماره ۱۴۰۴۶۰۳۰۱۰۶۸۰۰۰۳۱۲ مورخ ۱۴۰۴/۰۲/۱۵ آقای مهدی احمدی فرزند غلامرضا به شماره ملی ۴۳۲۱۵۶۷۸۹۰ نسبت به ششدانگ یک باب خانه به مساحت ۱۵۰ متر مربع قسمتی از پلاک ۱۴۹ اصلی.

رای شماره ۱۴۰۴۶۰۳۰۱۰۶۸۰۰۰۳۲۵ مورخ ۱۴۰۴/۰۲/۱۷ خانم زهرا موسوی فرزند سید علی نسبت به ششدانگ یک قطعه زمین مزروعی به مساحت ۳۰۰ متر مربع قسمتی از پلاک ۱۵۱ اصلی واقع در بخش ۱۱ تهران.

رای شماره ۱۴۰۴۶۰۳۰۱۰۶۸۰۰۰۳۳۸ مورخ ۱۴۰۴/۰۲/۲۰ آقای رضا نوری فرزند اکبر به شماره ملی ۰۰۶۵۴۳۲۱۰۹ نسبت به ششدانگ یک باب ساختمان به مساحت ۱۲۰ متر مربع قسمتی از پلاک ۱۵۶ اصلی.

رای شماره ۱۴۰۴۶۰۳۰۱۰۶۸۰۰۰۳۴۱ مورخ ۱۴۰۴/۰۲/۲۱ آقای محمود صادقی فرزند قاسم نسبت به ششدانگ یک قطعه زمین به مساحت ۲۰۰ متر مربع قسمتی از پلاک ۱۶۵ اصلی واقع در بخش ۱۱ ثبت تهران.

رای شماره ۱۴۰۴۶۰۳۰۱۰۶۸۰۰۰۳۵۶ مورخ ۱۴۰۴/۰۲/۲۳ خانم مریم حسینی فرزند جواد نسبت به ششدانگ یک باب خانه به مساحت ۱۷۵ متر مربع قسمتی از پلاک ۱۸۹ اصلی.

رای شماره ۱۴۰۴۶۰۳۰۱۰۶۸۰۰۰۳۶۷ مورخ ۱۴۰۴/۰۲/۲۴ آقای علیرضا جعفری فرزند یوسف نسبت به ششدانگ یک قطعه زمین با بنای احداثی به مساحت ۲۵۰ متر مربع قسمتی از پلاک ۱۶۱ اصلی.

رای شماره ۱۴۰۴۶۰۳۰۱۰۶۸۰۰۰۳۷۲ مورخ ۱۴۰۴/۰۲/۲۷ آقای سعید رحیمی فرزند مجید به شماره ملی ۰۰۷۱۲۳۴۵۶۷ نسبت به ششدانگ یک باب ساختمان به مساحت ۱۴۰ متر مربع قسمتی از پلاک ۱۴۹ اصلی.

رای شماره ۱۴۰۴۶۰۳۰۱۰۶۸۰۰۰۳۶۷ مورخ ۱۴۰۴/۰۲/۲۴ آقای علیرضا جعفری فرزند یوسف نسبت به ششدانگ یک قطعه زمین با بنای احداثی به مساحت ۲۵۰ متر مربع قسمتی از پلاک ۱۶۱ اصلی.

رای شماره ۱۴۰۴۶۰۳۰۱۰۶۸۰۰۰۳۷۲ مورخ ۱۴۰۴/۰۲/۲۷ آقای سعید رحیمی فرزند مجید به شماره ملی ۰۰۷۱۲۳۴۵۶۷ نسبت به ششدانگ یک باب ساختمان به مساحت ۱۴۰ متر مربع قسمتی از پلاک ۱۴۹ اصلی.

رای شماره ۱۴۰۴۶۰۳۰۱۰۶۸۰۰۰۳۸۵ مورخ ۱۴۰۴/۰۲/۲۸ خانم نرگس کاظمی فرزند حمید نسبت به ششدانگ یک قطعه زمین مزروعی به مساحت ۲۲۰ متر مربع قسمتی از پلاک ۱۵۱ اصلی واقع در بخش ۱۱ تهران.

رای شماره ۱۴۰۴۶۰۳۰۱۰۶۸۰۰۰۳۹۴ مورخ ۱۴۰۴/۰۲/۳۰ آقای جواد قربانی فرزند ناصر نسبت به ششدانگ یک باب خانه به مساحت ۱۶۵ متر مربع قسمتی از پلاک ۱۵۶ اصلی.

رای شماره ۱۴۰۴۶۰۳۰۱۰۶۸۰۰۰۴۰۱ مورخ ۱۴۰۴/۰۲/۳۱ آقای امیر حیدری فرزند رحیم نسبت به ششدانگ یک قطعه زمین به مساحت ۲۸۰ متر مربع قسمتی از پلاک ۱۶۵ اصلی واقع در بخش ۱۱ ثبت تهران.

رای شماره ۱۴۰۴۶۰۳۰۱۰۶۸۰۰۰۴۱۳ مورخ ۱۴۰۴/۰۳/۰۳ خانم سمیه باقری فرزند ابراهیم نسبت به ششدانگ یک باب ساختمان به مساحت ۱۳۰ متر مربع قسمتی از پلاک ۱۸۹ اصلی.

رای شماره ۱۴۰۴۶۰۳۰۱۰۶۸۰۰۰۴۲۶ مورخ ۱۴۰۴/۰۳/۰۴ آقای کامران اسدی فرزند بهرام به شماره ملی ۰۰۵۴۳۲۱۸۷۶ نسبت به ششدانگ یک قطعه زمین با بنای احداثی به مساحت ۲۱۵ متر مربع قسمتی از پلاک ۱۶۱ اصلی.

رای شماره ۱۴۰۴۶۰۳۰۱۰۶۸۰۰۰۲۹۰ مورخ ۱۴۰۴/۰۲/۱۰ آقای علی محمدی فرزند حسین به شماره ملی ۰۰۷۹۸۵۴۱۲۳ نسبت به ششدانگ یک قطعه زمین مزروعی به مساحت ۲۱۰ متر مربع قسمتی از پلاک ۱۸۹ اصلی واقع در بخش ۱۱ حوزه ثبت ملک ملارد.

رای شماره ۱۴۰۴۶۰۳۰۱۰۶۸۰۰۰۲۹۱ مورخ ۱۴۰۴/۰۲/۱۰ خانم فاطمه رضایی فرزند محمد به شماره ملی ۰۰۸۱۲۴۵۶۷۸ نسبت به ششدانگ یک باب ساختمان به مساحت ۱۸۵ متر مربع قسمتی از پلاک ۲ فرعی از ۱۶۵ اصلی واقع در بخش ۱۱ تهران.

رای شماره ۱۴۰۴۶۰۳۰۱۰۶۸۰۰۰۳۰۴ مورخ ۱۴۰۴/۰۲/۱۴ آقای حسن کریمی فرزند عباس نسبت به ششدانگ یک قطعه زمین با بنای احداثی به مساحت ۲۴۰ متر مربع قسمتی از پلاک ۱۶۱ اصلی واقع در بخش ۱۱ ثبت تهران.

رای شماره ۱۴۰۴۶۰۳۰۱۰۶۸۰۰۰۳۱۲ مورخ ۱۴۰۴/۰۲/۱۵ آقای مهدی احمدی فرزند غلامرضا به شماره ملی ۴۳۲۱۵۶۷۸۹۰ نسبت به ششدانگ یک باب خانه به مساحت ۱۵۰ متر مربع قسمتی از پلاک ۱۴۹ اصلی.

رای شماره ۱۴۰۴۶۰۳۰۱۰۶۸۰۰۰۳۲۵ مورخ ۱۴۰۴/۰۲/۱۷ خانم زهرا موسوی فرزند سید علی نسبت به ششدانگ یک قطعه زمین مزروعی به مساحت ۳۰۰ متر مربع قسمتی از پلاک ۱۵۱ اصلی واقع در بخش ۱۱ تهران.

رای شماره ۱۴۰۴۶۰۳۰۱۰۶۸۰۰۰۳۳۸ مورخ ۱۴۰۴/۰۲/۲۰ آقای رضا نوری فرزند اکبر به شماره ملی ۰۰۶۵۴۳۲۱۰۹ نسبت به ششدانگ یک باب ساختمان به مساحت ۱۲۰ متر مربع قسمتی از پلاک ۱۵۶ اصلی.

رای شماره ۱۴۰۴۶۰۳۰۱۰۶۸۰۰۰۳۴۱ مورخ ۱۴۰۴/۰۲/۲۱ آقای محمود صادقی فرزند قاسم نسبت به ششدانگ یک قطعه زمین به مساحت ۲۰۰ متر مربع قسمتی از پلاک ۱۶۵ اصلی واقع در بخش ۱۱ ثبت تهران.

رای شماره ۱۴۰۴۶۰۳۰۱۰۶۸۰۰۰۳۵۶ مورخ ۱۴۰۴/۰۲/۲۳ خانم مریم حسینی فرزند جواد نسبت به ششدانگ یک باب خانه به مساحت ۱۷۵ متر مربع قسمتی از پلاک ۱۸۹ اصلی.

رای شماره ۱۴۰۴۶۰۳۰۱۰۶۸۰۰۰۳۶۷ مورخ ۱۴۰۴/۰۲/۲۴ آقای علیرضا جعفری فرزند یوسف نسبت به ششدانگ یک قطعه زمین با بنای احداثی به مساحت ۲۵۰ متر مربع قسمتی از پلاک ۱۶۱ اصلی.

رای شماره ۱۴۰۴۶۰۳۰۱۰۶۸۰۰۰۳۷۲ مورخ ۱۴۰۴/۰۲/۲۷ آقای سعید رحیمی فرزند مجید به شماره ملی ۰۰۷۱۲۳۴۵۶۷ نسبت به ششدانگ یک باب ساختمان به مساحت ۱۴۰ متر مربع قسمتی از پلاک ۱۴۹ اصلی.

رای شماره ۱۴۰۴۶۰۳۰۱۰۶۸۰۰۰۳۸۵ مورخ ۱۴۰۴/۰۲/۲۸ خانم نرگس کاظمی فرزند حمید نسبت به ششدانگ یک قطعه زمین مزروعی به مساحت ۲۲۰ متر مربع قسمتی از پلاک ۱۵۱ اصلی واقع در بخش ۱۱ تهران.

رای شماره ۱۴۰۴۶۰۳۰۱۰۶۸۰۰۰۳۹۴ مورخ ۱۴۰۴/۰۲/۳۰ آقای جواد قربانی فرزند ناصر نسبت به ششدانگ یک باب خانه به مساحت ۱۶۵ متر مربع قسمتی از پلاک ۱۵۶ اصلی.

رای شماره ۱۴۰۴۶۰۳۰۱۰۶۸۰۰۰۴۰۱ مورخ ۱۴۰۴/۰۲/۳۱ آقای امیر حیدری فرزند رحیم نسبت به ششدانگ یک قطعه زمین به مساحت ۲۸۰ متر مربع قسمتی از پلاک ۱۶۵ اصلی واقع در بخش ۱۱ ثبت تهران.

رای شماره ۱۴۰۴۶۰۳۰۱۰۶۸۰۰۰۴۱۳ مورخ ۱۴۰۴/۰۳/۰۳ خانم سمیه باقری فرزند ابراهیم نسبت به ششدانگ یک باب ساختمان به مساحت ۱۳۰ متر مربع قسمتی از پلاک ۱۸۹ اصلی.

رای شماره ۱۴۰۴۶۰۳۰۱۰۶۸۰۰۰۴۲۶ مورخ ۱۴۰۴/۰۳/۰۴ آقای کامران اسدی فرزند بهرام به شماره ملی ۰۰۵۴۳۲۱۸۷۶ نسبت به ششدانگ یک قطعه زمین با بنای احداثی به مساحت ۲۱۵ متر مربع قسمتی از پلاک ۱۶۱ اصلی.

رای شماره ۱۴۰۴۶۰۳۰۱۰۶۸۰۰۰۲۹۰ مورخ ۱۴۰۴/۰۲/۱۰ آقای علی محمدی فرزند حسین به شماره ملی ۰۰۷۹۸۵۴۱۲۳ نسبت به ششدانگ یک قطعه زمین مزروعی به مساحت ۲۱۰ متر مربع قسمتی از پلاک ۱۸۹ اصلی واقع در بخش ۱۱ حوزه ثبت ملک ملارد.

رای شماره ۱۴۰۴۶۰۳۰۱۰۶۸۰۰۰۲۹۱ مورخ ۱۴۰۴/۰۲/۱۰ خانم فاطمه رضایی فرزند محمد به شماره ملی ۰۰۸۱۲۴۵۶۷۸ نسبت به ششدانگ یک باب ساختمان به مساحت ۱۸۵ متر مربع قسمتی از پلاک ۲ فرعی از ۱۶۵ اصلی واقع در بخش ۱۱ تهران.

رای شماره ۱۴۰۴۶۰۳۰۱۰۶۸۰۰۰۳۰۴ مورخ ۱۴۰۴/۰۲/۱۴ آقای حسن کریمی فرزند عباس نسبت به ششدانگ یک قطعه زمین با بنای احداثی به مساحت ۲۴۰ متر مربع قسمتی از پلاک ۱۶۱ اصلی واقع در بخش ۱۱ ثبت تهران.

رای شماره ۱۴۰۴۶۰۳۰۱۰۶۸۰۰۰۳۱۲ مورخ ۱۴۰۴/۰۲/۱۵ آقای مهدی احمدی فرزند غلامرضا به شماره ملی ۴۳۲۱۵۶۷۸۹۰ نسبت به ششدانگ یک باب خانه به مساحت ۱۵۰ متر مربع قسمتی از پلاک ۱۴۹ اصلی.

رای شماره ۱۴۰۴۶۰۳۰۱۰۶۸۰۰۰۳۲۵ مورخ ۱۴۰۴/۰۲/۱۷ خانم زهرا موسوی فرزند سید علی نسبت به ششدانگ یک قطعه زمین مزروعی به مساحت ۳۰۰ متر مربع قسمتی از پلاک ۱۵۱ اصلی واقع در بخش ۱۱ تهران.

رای شماره ۱۴۰۴۶۰۳۰۱۰۶۸۰۰۰۳۳۸ مورخ ۱۴۰۴/۰۲/۲۰ آقای رضا نوری فرزند اکبر به شماره ملی ۰۰۶۵۴۳۲۱۰۹ نسبت به ششدانگ یک باب ساختمان به مساحت ۱۲۰ متر مربع قسمتی از پلاک ۱۵۶ اصلی.

رای شماره ۱۴۰۴۶۰۳۰۱۰۶۸۰۰۰۳۴۱ مورخ ۱۴۰۴/۰۲/۲۱ آقای محمود صادقی فرزند قاسم نسبت به ششدانگ یک قطعه زمین به مساحت ۲۰۰ متر مربع قسمتی از پلاک ۱۶۵ اصلی واقع در بخش ۱۱ ثبت تهران.

رای شماره ۱۴۰۴۶۰۳۰۱۰۶۸۰۰۰۳۵۶ مورخ ۱۴۰۴/۰۲/۲۳ خانم مریم حسینی فرزند جواد نسبت به ششدانگ یک باب خانه به مساحت ۱۷۵ متر مربع قسمتی از پلاک ۱۸۹ اصلی.

رای شماره ۱۴۰۴۶۰۳۰۱۰۶۸۰۰۰۳۶۷ مورخ ۱۴۰۴/۰۲/۲۴ آقای علیرضا جعفری فرزند یوسف نسبت به ششدانگ یک قطعه زمین با بنای احداثی به مساحت ۲۵۰ متر مربع قسمتی از پلاک ۱۶۱ اصلی.

رای شماره ۱۴۰۴۶۰۳۰۱۰۶۸۰۰۰۳۷۲ مورخ ۱۴۰۴/۰۲/۲۷ آقای سعید رحیمی فرزند مجید به شماره ملی ۰۰۷۱۲۳۴۵۶۷ نسبت به ششدانگ یک باب ساختمان به مساحت ۱۴۰ متر مربع قسمتی از پلاک ۱۴۹ اصلی.

رای شماره ۱۴۰۴۶۰۳۰۱۰۶۸۰۰۰۳۸۵ مورخ ۱۴۰۴/۰۲/۲۸ خانم نرگس کاظمی فرزند حمید نسبت به ششدانگ یک قطعه زمین مزروعی به مساحت ۲۲۰ متر مربع قسمتی از پلاک ۱۵۱ اصلی واقع در بخش ۱۱ تهران.

رای شماره ۱۴۰۴۶۰۳۰۱۰۶۸۰۰۰۳۹۴ مورخ ۱۴۰۴/۰۲/۳۰ آقای جواد قربانی فرزند ناصر نسبت به ششدانگ یک باب خانه به مساحت ۱۶۵ متر مربع قسمتی از پلاک ۱۵۶ اصلی.

رای شماره ۱۴۰۴۶۰۳۰۱۰۶۸۰۰۰۴۰۱ مورخ ۱۴۰۴/۰۲/۳۱ آقای امیر حیدری فرزند رحیم نسبت به ششدانگ یک قطعه زمین به مساحت ۲۸۰ متر مربع قسمتی از پلاک ۱۶۵ اصلی واقع در بخش ۱۱ ثبت تهران.

رای شماره ۱۴۰۴۶۰۳۰۱۰۶۸۰۰۰۴۱۳ مورخ ۱۴۰۴/۰۳/۰۳ خانم سمیه باقری فرزند ابراهیم نسبت به ششدانگ یک باب ساختمان به مساحت ۱۳۰ متر مربع قسمتی از پلاک ۱۸۹ اصلی.

رای شماره ۱۴۰۴۶۰۳۰۱۰۶۸۰۰۰۴۲۶ مورخ ۱۴۰۴/۰۳/۰۴ آقای کامران اسدی فرزند بهرام به شماره ملی ۰۰۵۴۳۲۱۸۷۶ نسبت به ششدانگ یک قطعه زمین با بنای احداثی به مساحت ۲۱۵ متر مربع قسمتی از پلاک ۱۶۱ اصلی.

رای شماره ۱۴۰۴۶۰۳۰۱۰۶۸۰۰۰۲۹۰ مورخ ۱۴۰۴/۰۲/۱۰ آقای علی محمدی فرزند حسین به شماره ملی ۰۰۷۹۸۵۴۱۲۳ نسبت به ششدانگ یک قطعه زمین مزروعی به مساحت ۲۱۰ متر مربع قسمتی از پلاک ۱۸۹ اصلی واقع در بخش ۱۱ حوزه ثبت ملک ملارد.

رای شماره ۱۴۰۴۶۰۳۰۱۰۶۸۰۰۰۲۹۱ مورخ ۱۴۰۴/۰۲/۱۰ خانم فاطمه رضایی فرزند محمد به شماره ملی ۰۰۸۱۲۴۵۶۷۸ نسبت به ششدانگ یک باب ساختمان به مساحت ۱۸۵ متر مربع قسمتی از پلاک ۲ فرعی از ۱۶۵ اصلی واقع در بخش ۱۱ تهران.

رای شماره ۱۴۰۴۶۰۳۰۱۰۶۸۰۰۰۳۰۴ مورخ ۱۴۰۴/۰۲/۱۴ آقای حسن کریمی فرزند عباس نسبت به ششدانگ یک قطعه زمین با بنای احداثی به مساحت ۲۴۰ متر مربع قسمتی از پلاک ۱۶۱ اصلی واقع در بخش ۱۱ ثبت تهران.

رای شماره ۱۴۰۴۶۰۳۰۱۰۶۸۰۰۰۳۱۲ مورخ ۱۴۰۴/۰۲/۱۵ آقای مهدی احمدی فرزند غلامرضا به شماره ملی ۴۳۲۱۵۶۷۸۹۰ نسبت به ششدانگ یک باب خانه به مساحت ۱۵۰ متر مربع قسمتی از پلاک ۱۴۹ اصلی.

رای شماره ۱۴۰۴۶۰۳۰۱۰۶۸۰۰۰۳۲۵ مورخ ۱۴۰۴/۰۲/۱۷ خانم زهرا موسوی فرزند سید علی نسبت به ششدانگ یک قطعه زمین مزروعی به مساحت ۳۰۰ متر مربع قسمتی از پلاک ۱۵۱ اصلی واقع در بخش ۱۱ تهران.

رای شماره ۱۴۰۴۶۰۳۰۱۰۶۸۰۰۰۳۳۸ مورخ ۱۴۰۴/۰۲/۲۰ آقای رضا نوری فرزند اکبر به شماره ملی ۰۰۶۵۴۳۲۱۰۹ نسبت به ششدانگ یک باب ساختمان به مساحت ۱۲۰ متر مربع قسمتی از پلاک ۱۵۶ اصلی.

رای شماره ۱۴۰۴۶۰۳۰۱۰۶۸۰۰۰۳۴۱ مورخ ۱۴۰۴/۰۲/۲۱ آقای محمود صادقی فرزند قاسم نسبت به ششدانگ یک قطعه زمین به مساحت ۲۰۰ متر مربع قسمتی از پلاک ۱۶۵ اصلی واقع در بخش ۱۱ ثبت تهران.

رای شماره ۱۴۰۴۶۰۳۰۱۰۶۸۰۰۰۳۵۶ مورخ ۱۴۰۴/۰۲/۲۳ خانم مریم حسینی فرزند جواد نسبت به ششدانگ یک باب خانه به مساحت ۱۷۵ متر مربع قسمتی از پلاک ۱۸۹ اصلی.

رای شماره ۱۴۰۴۶۰۳۰۱۰۶۸۰۰۰۳۶۷ مورخ ۱۴۰۴/۰۲/۲۴ آقای علیرضا جعفری فرزند یوسف نسبت به ششدانگ یک قطعه زمین با بنای احداثی به مساحت ۲۵۰ متر مربع قسمتی از پلاک ۱۶۱ اصلی.

رای شماره ۱۴۰۴۶۰۳۰۱۰۶۸۰۰۰۳۷۲ مورخ ۱۴۰۴/۰۲/۲۷ آقای سعید رحیمی فرزند مجید به شماره ملی ۰۰۷۱۲۳۴۵۶۷ نسبت به ششدانگ یک باب ساختمان به مساحت ۱۴۰ متر مربع قسمتی از پلاک ۱۴۹ اصلی.

رای شماره ۱۴۰۴۶۰۳۰۱۰۶۸۰۰۰۳۸۵ مورخ ۱۴۰۴/۰۲/۲۸ خانم نرگس کاظمی فرزند حمید نسبت به ششدانگ یک قطعه زمین مزروعی به مساحت ۲۲۰ متر مربع قسمتی از پلاک ۱۵۱ اصلی واقع در بخش ۱۱ تهران.

رای شماره ۱۴۰۴۶۰۳۰۱۰۶۸۰۰۰۳۹۴ مورخ ۱۴۰۴/۰۲/۳۰ آقای جواد قربانی فرزند ناصر نسبت به ششدانگ یک باب خانه به مساحت ۱۶۵ متر مربع قسمتی از پلاک ۱۵۶ اصلی.

رای شماره ۱۴۰۴۶۰۳۰۱۰۶۸۰۰۰۴۰۱ مورخ ۱۴۰۴/۰۲/۳۱ آقای امیر حیدری فرزند رحیم نسبت به ششدانگ یک قطعه زمین به مساحت ۲۸۰ متر مربع قسمتی از پلاک ۱۶۵ اصلی واقع در بخش ۱۱ ثبت تهران.

رای شماره ۱۴۰۴۶۰۳۰۱۰۶۸۰۰۰۴۱۳ مورخ ۱۴۰۴/۰۳/۰۳ خانم سمیه باقری فرزند ابراهیم نسبت به ششدانگ یک باب ساختمان به مساحت ۱۳۰ متر مربع قسمتی از پلاک ۱۸۹ اصلی.

رای شماره ۱۴۰۴۶۰۳۰۱۰۶۸۰۰۰۴۰۱ مورخ ۱۴۰۴/۰۲/۳۱ آقای امیر حیدری فرزند رحیم نسبت به ششدانگ یک قطعه زمین به مساحت ۲۸۰ متر مربع قسمتی از پلاک ۱۶۵ اصلی واقع در بخش ۱۱ ثبت تهران.

رای شماره ۱۴۰۴۶۰۳۰۱۰۶۸۰۰۰۴۱۳ مورخ ۱۴۰۴/۰۳/۰۳ خانم سمیه باقری فرزند ابراهیم نسبت به ششدانگ یک باب ساختمان به مساحت ۱۳۰ متر مربع قسمتی از پلاک ۱۸۹ اصلی.

رای شماره ۱۴۰۴۶۰۳۰۱۰۶۸۰۰۰۴۲۶ مورخ ۱۴۰۴/۰۳/۰۴ آقای کامران اسدی فرزند بهرام به شماره ملی ۰۰۵۴۳۲۱۸۷۶ نسبت به ششدانگ یک قطعه زمین با بنای احداثی به مساحت ۲۱۵ متر مربع قسمتی از پلاک ۱۶۱ اصلی.

رای شماره ۱۴۰۴۶۰۳۰۱۰۶۸۰۰۰۲۹۰ مورخ ۱۴۰۴/۰۲/۱۰ آقای علی محمدی فرزند حسین به شماره ملی ۰۰۷۹۸۵۴۱۲۳ نسبت به ششدانگ یک قطعه زمین مزروعی به مساحت ۲۱۰ متر مربع قسمتی از پلاک ۱۸۹ اصلی واقع در بخش ۱۱ حوزه ثبت ملک ملارد.

رای شماره ۱۴۰۴۶۰۳۰۱۰۶۸۰۰۰۲۹۱ مورخ ۱۴۰۴/۰۲/۱۰ خانم فاطمه رضایی فرزند محمد به شماره ملی ۰۰۸۱۲۴۵۶۷۸ نسبت به ششدانگ یک باب ساختمان به مساحت ۱۸۵ متر مربع قسمتی از پلاک ۲ فرعی از ۱۶۵ اصلی واقع در بخش ۱۱ تهران.

رای شماره ۱۴۰۴۶۰۳۰۱۰۶۸۰۰۰۳۰۴ مورخ ۱۴۰۴/۰۲/۱۴ آقای حسن کریمی فرزند عباس نسبت به ششدانگ یک قطعه زمین با بنای احداثی به مساحت ۲۴۰ متر مربع قسمتی از پلاک ۱۶۱ اصلی واقع در بخش ۱۱ ثبت تهران.

رای شماره ۱۴۰۴۶۰۳۰۱۰۶۸۰۰۰۳۱۲ مورخ ۱۴۰۴/۰۲/۱۵ آقای مهدی احمدی فرزند غلامرضا به شماره ملی ۴۳۲۱۵۶۷۸۹۰ نسبت به ششدانگ یک باب خانه به مساحت ۱۵۰ متر مربع قسمتی از پلاک ۱۴۹ اصلی.

رای شماره ۱۴۰۴۶۰۳۰۱۰۶۸۰۰۰۳۲۵ مورخ ۱۴۰۴/۰۲/۱۷ خانم زهرا موسوی فرزند سید علی نسبت به ششدانگ یک قطعه زمین مزروعی به مساحت ۳۰۰ متر مربع قسمتی از پلاک ۱۵۱ اصلی واقع در بخش ۱۱ تهران.

رای شماره ۱۴۰۴۶۰۳۰۱۰۶۸۰۰۰۳۳۸ مورخ ۱۴۰۴/۰۲/۲۰ آقای رضا نوری فرزند اکبر به شماره ملی ۰۰۶۵۴۳۲۱۰۹ نسبت به ششدانگ یک باب ساختمان به مساحت ۱۲۰ متر مربع قسمتی از پلاک ۱۵۶ اصلی.

رای شماره ۱۴۰۴۶۰۳۰۱۰۶۸۰۰۰۳۴۱ مورخ ۱۴۰۴/۰۲/۲۱ آقای محمود صادقی فرزند قاسم نسبت به ششدانگ یک قطعه زمین به مساحت ۲۰۰ متر مربع قسمتی از پلاک ۱۶۵ اصلی واقع در بخش ۱۱ ثبت تهران.

رای شماره ۱۴۰۴۶۰۳۰۱۰۶۸۰۰۰۳۵۶ مورخ ۱۴۰۴/۰۲/۲۳ خانم مریم حسینی فرزند جواد نسبت به ششدانگ یک باب خانه به مساحت ۱۷۵ متر مربع قسمتی از پلاک ۱۸۹ اصلی.

رای شماره ۱۴۰۴۶۰۳۰۱۰۶۸۰۰۰۳۶۷ مورخ ۱۴۰۴/۰۲/۲۴ آقای علیرضا جعفری فرزند یوسف نسبت به ششدانگ یک قطعه زمین با بنای احداثی به مساحت ۲۵۰ متر مربع قسمتی از پلاک ۱۶۱ اصلی.

رای شماره ۱۴۰۴۶۰۳۰۱۰۶۸۰۰۰۳۷۲ مورخ ۱۴۰۴/۰۲/۲۷ آقای سعید رحیمی فرزند مجید به شماره ملی ۰۰۷۱۲۳۴۵۶۷ نسبت به ششدانگ یک باب ساختمان به مساحت ۱۴۰ متر مربع قسمتی از پلاک ۱۴۹ اصلی.

رای شماره ۱۴۰۴۶۰۳۰۱۰۶۸۰۰۰۳۸۵ مورخ ۱۴۰۴/۰۲/۲۸ خانم نرگس کاظمی فرزند حمید نسبت به ششدانگ یک قطعه زمین مزروعی به مساحت ۲۲۰ متر مربع قسمتی از پلاک ۱۵۱ اصلی واقع در بخش ۱۱ تهران.

رای شماره ۱۴۰۴۶۰۳۰۱۰۶۸۰۰۰۳۹۴ مورخ ۱۴۰۴/۰۲/۳۰ آقای جواد قربانی فرزند ناصر نسبت به ششدانگ یک باب خانه به مساحت ۱۶۵ متر مربع قسمتی از پلاک ۱۵۶ اصلی.

رای شماره ۱۴۰۴۶۰۳۰۱۰۶۸۰۰۰۴۰۱ مورخ ۱۴۰۴/۰۲/۳۱ آقای امیر حیدری فرزند رحیم نسبت به ششدانگ یک قطعه زمین به مساحت ۲۸۰ متر مربع قسمتی از پلاک ۱۶۵ اصلی واقع در بخش ۱۱ ثبت تهران.

رای شماره ۱۴۰۴۶۰۳۰۱۰۶۸۰۰۰۴۱۳ مورخ ۱۴۰۴/۰۳/۰۳ خانم سمیه باقری فرزند ابراهیم نسبت به ششدانگ یک باب ساختمان به مساحت ۱۳۰ متر مربع قسمتی از پلاک ۱۸۹ اصلی.

رای شماره ۱۴۰۴۶۰۳۰۱۰۶۸۰۰۰۴۲۶ مورخ ۱۴۰۴/۰۳/۰۴ آقای کامران اسدی فرزند بهرام به شماره ملی ۰۰۵۴۳۲۱۸۷۶ نسبت به ششدانگ یک قطعه زمین با بنای احداثی به مساحت ۲۱۵ متر مربع قسمتی از پلاک ۱۶۱ اصلی.

رای شماره ۱۴۰۴۶۰۳۰۱۰۶۸۰۰۰۲۹۰ مورخ ۱۴۰۴/۰۲/۱۰ آقای علی محمدی فرزند حسین به شماره ملی ۰۰۷۹۸۵۴۱۲۳ نسبت به ششدانگ یک قطعه زمین مزروعی به مساحت ۲۱۰ متر مربع قسمتی از پلاک ۱۸۹ اصلی واقع در بخش ۱۱ حوزه ثبت ملک ملارد.

رای شماره ۱۴۰۴۶۰۳۰۱۰۶۸۰۰۰۲۹۱ مورخ ۱۴۰۴/۰۲/۱۰ خانم فاطمه رضایی فرزند محمد به شماره ملی ۰۰۸۱۲۴۵۶۷۸ نسبت به ششدانگ یک باب ساختمان به مساحت ۱۸۵ متر مربع قسمتی از پلاک ۲ فرعی از ۱۶۵ اصلی واقع در بخش ۱۱ تهران.

رای شماره ۱۴۰۴۶۰۳۰۱۰۶۸۰۰۰۳۰۴ مورخ ۱۴۰۴/۰۲/۱۴ آقای حسن کریمی فرزند عباس نسبت به ششدانگ یک قطعه زمین با بنای احداثی به مساحت ۲۴۰ متر مربع قسمتی از پلاک ۱۶۱ اصلی واقع در بخش ۱۱ ثبت تهران.

رای شماره ۱۴۰۴۶۰۳۰۱۰۶۸۰۰۰۳۱۲ مورخ ۱۴۰۴/۰۲/۱۵ آقای مهدی احمدی فرزند غلامرضا به شماره ملی ۴۳۲۱۵۶۷۸۹۰ نسبت به ششدانگ یک باب خانه به مساحت ۱۵۰ متر مربع قسمتی از پلاک ۱۴۹ اصلی.

رای شماره ۱۴۰۴۶۰۳۰۱۰۶۸۰۰۰۳۲۵ مورخ ۱۴۰۴/۰۲/۱۷ خانم زهرا موسوی فرزند سید علی نسبت به ششدانگ یک قطعه زمین مزروعی به مساحت ۳۰۰ متر مربع قسمتی از پلاک ۱۵۱ اصلی واقع در بخش ۱۱ تهران.

رای شماره ۱۴۰۴۶۰۳۰۱۰۶۸۰۰۰۳۳۸ مورخ ۱۴۰۴/۰۲/۲۰ آقای رضا نوری فرزند اکبر به شماره ملی ۰۰۶۵۴۳۲۱۰۹ نسبت به ششدانگ یک باب ساختمان به مساحت ۱۲۰ متر مربع قسمتی از پلاک ۱۵۶ اصلی.

رای شماره ۱۴۰۴۶۰۳۰۱۰۶۸۰۰۰۳۴۱ مورخ ۱۴۰۴/۰۲/۲۱ آقای محمود صادقی فرزند قاسم نسبت به ششدانگ یک قطعه زمین به مساحت ۲۰۰ متر مربع قسمتی از پلاک ۱۶۵ اصلی واقع در بخش ۱۱ ثبت تهران.

رای شماره ۱۴۰۴۶۰۳۰۱۰۶۸۰۰۰۳۵۶ مورخ ۱۴۰۴/۰۲/۲۳ خانم مریم حسینی فرزند جواد نسبت به ششدانگ یک باب خانه به مساحت ۱۷۵ متر مربع قسمتی از پلاک ۱۸۹ اصلی.

رای شماره ۱۴۰۴۶۰۳۰۱۰۶۸۰۰۰۳۶۷ مورخ ۱۴۰۴/۰۲/۲۴ آقای علیرضا جعفری فرزند یوسف نسبت به ششدانگ یک قطعه زمین با بنای احداثی به مساحت ۲۵۰ متر مربع قسمتی از پلاک ۱۶۱ اصلی.

رای شماره ۱۴۰۴۶۰۳۰۱۰۶۸۰۰۰۳۷۲ مورخ ۱۴۰۴/۰۲/۲۷ آقای سعید رحیمی فرزند مجید به شماره ملی ۰۰۷۱۲۳۴۵۶۷ نسبت به ششدانگ یک باب ساختمان به مساحت ۱۴۰ متر مربع قسمتی از پلاک ۱۴۹ اصلی.

رای شماره ۱۴۰۴۶۰۳۰۱۰۶۸۰۰۰۳۸۵ مورخ ۱۴۰۴/۰۲/۲۸ خانم نرگس کاظمی فرزند حمید نسبت به ششدانگ یک قطعه زمین مزروعی به مساحت ۲۲۰ متر مربع قسمتی از پلاک ۱۵۱ اصلی واقع در بخش ۱۱ تهران.

رای شماره ۱۴۰۴۶۰۳۰۱۰۶۸۰۰۰۳۹۴ مورخ ۱۴۰۴/۰۲/۳۰ آقای جواد قربانی فرزند ناصر نسبت به ششدانگ یک باب خانه به مساحت ۱۶۵ متر مربع قسمتی از پلاک ۱۵۶ اصلی.

رای شماره ۱۴۰۴۶۰۳۰۱۰۶۸۰۰۰۴۰۱ مورخ ۱۴۰۴/۰۲/۳۱ آقای امیر حیدری فرزند رحیم نسبت به ششدانگ یک قطعه زمین به مساحت ۲۸۰ متر مربع قسمتی از پلاک ۱۶۵ اصلی واقع در بخش ۱۱ ثبت تهران.

رای شماره ۱۴۰۴۶۰۳۰۱۰۶۸۰۰۰۴۱۳ مورخ ۱۴۰۴/۰۳/۰۳ خانم سمیه باقری فرزند ابراهیم نسبت به ششدانگ یک باب ساختمان به مساحت ۱۳۰ متر مربع قسمتی از پلاک ۱۸۹ اصلی.

رای شماره ۱۴۰۴۶۰۳۰۱۰۶۸۰۰۰۴۲۶ مورخ ۱۴۰۴/۰۳/۰۴ آقای کامران اسدی فرزند بهرام به شماره ملی ۰۰۵۴۳۲۱۸۷۶ نسبت به ششدانگ یک قطعه زمین با بنای احداثی به مساحت ۲۱۵ متر مربع قسمتی از پلاک ۱۶۱ اصلی.

رای شماره ۱۴۰۴۶۰۳۰۱۰۶۸۰۰۰۲۹۰ مورخ ۱۴۰۴/۰۲/۱۰ آقای علی محمدی فرزند حسین به شماره ملی ۰۰۷۹۸۵۴۱۲۳ نسبت به ششدانگ یک قطعه زمین مزروعی به مساحت ۲۱۰ متر مربع قسمتی از پلاک ۱۸۹ اصلی واقع در بخش ۱۱ حوزه ثبت ملک ملارد.

رای شماره ۱۴۰۴۶۰۳۰۱۰۶۸۰۰۰۲۹۱ مورخ ۱۴۰۴/۰۲/۱۰ خانم فاطمه رضایی فرزند محمد به شماره ملی ۰۰۸۱۲۴۵۶۷۸ نسبت به ششدانگ یک باب ساختمان به مساحت ۱۸۵ متر مربع قسمتی از پلاک ۲ فرعی از ۱۶۵ اصلی واقع در بخش ۱۱ تهران.

رای شماره ۱۴۰۴۶۰۳۰۱۰۶۸۰۰۰۳۰۴ مورخ ۱۴۰۴/۰۲/۱۴ آقای حسن کریمی فرزند عباس نسبت به ششدانگ یک قطعه زمین با بنای احداثی به مساحت ۲۴۰ متر مربع قسمتی از پلاک ۱۶۱ اصلی واقع در بخش ۱۱ ثبت تهران.

رای شماره ۱۴۰۴۶۰۳۰۱۰۶۸۰۰۰۳۱۲ مورخ ۱۴۰۴/۰۲/۱۵ آقای مهدی احمدی فرزند غلامرضا به شماره ملی ۴۳۲۱۵۶۷۸۹۰ نسبت به ششدانگ یک باب خانه به مساحت ۱۵۰ متر مربع قسمتی از پلاک ۱۴۹ اصلی.

رای شماره ۱۴۰۴۶۰۳۰۱۰۶۸۰۰۰۳۲۵ مورخ ۱۴۰۴/۰۲/۱۷ خانم زهرا موسوی فرزند سید علی نسبت به ششدانگ یک قطعه زمین مزروعی به مساحت ۳۰۰ متر مربع قسمتی از پلاک ۱۵۱ اصلی واقع در بخش ۱۱ تهران.

رای شماره ۱۴۰۴۶۰۳۰۱۰۶۸۰۰۰۳۳۸ مورخ ۱۴۰۴/۰۲/۲۰ آقای رضا نوری فرزند اکبر به شماره ملی ۰۰۶۵۴۳۲۱۰۹ نسبت به ششدانگ یک باب ساختمان به مساحت ۱۲۰ متر مربع قسمتی از پلاک ۱۵۶ اصلی.

رای شماره ۱۴۰۴۶۰۳۰۱۰۶۸۰۰۰۳۴۱ مورخ ۱۴۰۴/۰۲/۲۱ آقای محمود صادقی فرزند قاسم نسبت به ششدانگ یک قطعه زمین به مساحت ۲۰۰ متر مربع قسمتی از پلاک ۱۶۵ اصلی واقع در بخش ۱۱ ثبت تهران.

رای شماره ۱۴۰۴۶۰۳۰۱۰۶۸۰۰۰۳۵۶ مورخ ۱۴۰۴/۰۲/۲۳ خانم مریم حسینی فرزند جواد نسبت به ششدانگ یک باب خانه به مساحت ۱۷۵ متر مربع قسمتی از پلاک ۱۸۹ اصلی.

رای شماره ۱۴۰۴۶۰۳۰۱۰۶۸۰۰۰۳۶۷ مورخ ۱۴۰۴/۰۲/۲۴ آقای علیرضا جعفری فرزند یوسف نسبت به ششدانگ یک قطعه زمین با بنای احداثی به مساحت ۲۵۰ متر مربع قسمتی از پلاک ۱۶۱ اصلی.

رای شماره ۱۴۰۴۶۰۳۰۱۰۶۸۰۰۰۳۷۲ مورخ ۱۴۰۴/۰۲/۲۷ آقای سعید رحیمی فرزند مجید به شماره ملی ۰۰۷۱۲۳۴۵۶۷ نسبت به ششدانگ یک باب ساختمان به مساحت ۱۴۰ متر مربع قسمتی از پلاک ۱۴۹ اصلی.

رای شماره ۱۴۰۴۶۰۳۰۱۰۶۸۰۰۰۳۸۵ مورخ ۱۴۰۴/۰۲/۲۸ خانم نرگس کاظمی فرزند حمید نسبت به ششدانگ یک قطعه زمین مزروعی به مساحت ۲۲۰ متر مربع قسمتی از پلاک ۱۵۱ اصلی واقع در بخش ۱۱ تهران.

رای شماره ۱۴۰۴۶۰۳۰۱۰۶۸۰۰۰۳۹۴ مورخ ۱۴۰۴/۰۲/۳۰ آقای جواد قربانی فرزند ناصر نسبت به ششدانگ یک باب خانه به مساحت ۱۶۵ متر مربع قسمتی از پلاک ۱۵۶ اصلی.

رای شماره ۱۴۰۴۶۰۳۰۱۰۶۸۰۰۰۴۰۱ مورخ ۱۴۰۴/۰۲/۳۱ آقای امیر حیدری فرزند رحیم نسبت به ششدانگ یک قطعه زمین به مساحت ۲۸۰ متر مربع قسمتی از پلاک ۱۶۵ اصلی واقع در بخش ۱۱ ثبت تهران.

رای شماره ۱۴۰۴۶۰۳۰۱۰۶۸۰۰۰۴۱۳ مورخ ۱۴۰۴/۰۳/۰۳ خانم سمیه باقری فرزند ابراهیم نسبت به ششدانگ یک باب ساختمان به مساحت ۱۳۰ متر مربع قسمتی از پلاک ۱۸۹ اصلی.

رای شماره ۱۴۰۴۶۰۳۰۱۰۶۸۰۰۰۴۲۶ مورخ ۱۴۰۴/۰۳/۰۴ آقای کامران اسدی فرزند بهرام به شماره ملی ۰۰۵۴۳۲۱۸۷۶ نسبت به ششدانگ یک قطعه زمین با بنای احداثی به مساحت ۲۱۵ متر مربع قسمتی از پلاک ۱۶۱ اصلی.

رای شماره ۱۴۰۴۶۰۳۰۱۰۶۸۰۰۰۲۹۰ مورخ ۱۴۰۴/۰۲/۱۰ آقای علی محمدی فرزند حسین به شماره ملی ۰۰۷۹۸۵۴۱۲۳ نسبت به ششدانگ یک قطعه زمین مزروعی به مساحت ۲۱۰ متر مربع قسمتی از پلاک ۱۸۹ اصلی واقع در بخش ۱۱ حوزه ثبت ملک ملارد.

رای شماره ۱۴۰۴۶۰۳۰۱۰۶۸۰۰۰۲۹۱ مورخ ۱۴۰۴/۰۲/۱۰ خانم فاطمه رضایی فرزند محمد به شماره ملی ۰۰۸۱۲۴۵۶۷۸ نسبت به ششدانگ یک باب ساختمان به مساحت ۱۸۵ متر مربع قسمتی از پلاک ۲ فرعی از ۱۶۵ اصلی واقع در بخش ۱۱ تهران.

رئیس ثبت اسناد و املاک ملارد
